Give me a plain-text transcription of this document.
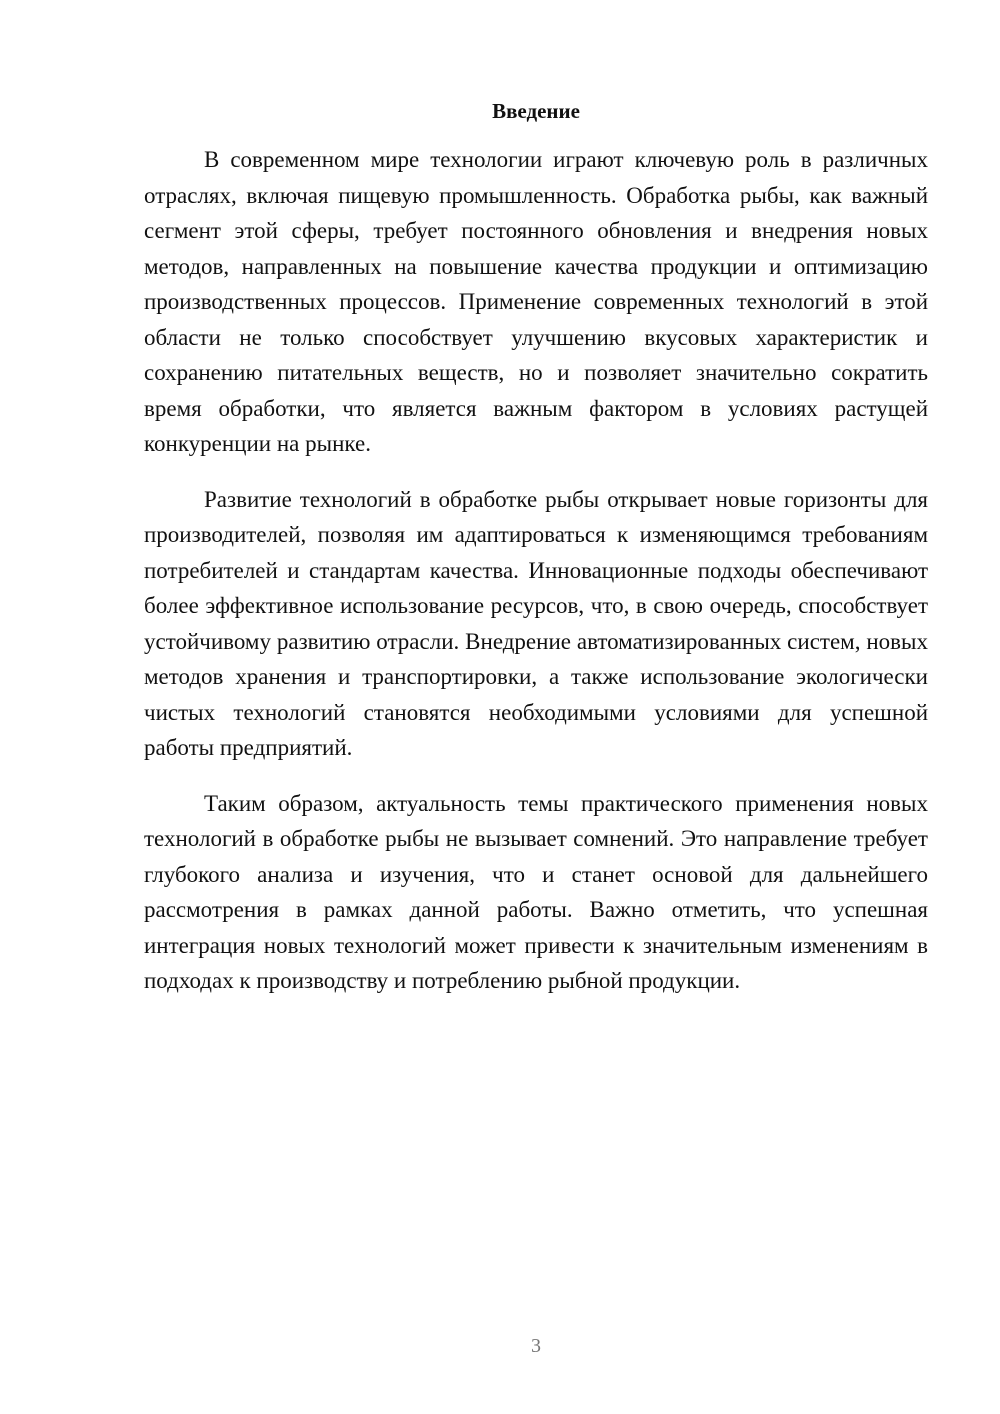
Введение

В современном мире технологии играют ключевую роль в различных отраслях, включая пищевую промышленность. Обработка рыбы, как важный сегмент этой сферы, требует постоянного обновления и внедрения новых методов, направленных на повышение качества продукции и оптимизацию производственных процессов. Применение современных технологий в этой области не только способствует улучшению вкусовых характеристик и сохранению питательных веществ, но и позволяет значительно сократить время обработки, что является важным фактором в условиях растущей конкуренции на рынке.

Развитие технологий в обработке рыбы открывает новые горизонты для производителей, позволяя им адаптироваться к изменяющимся требованиям потребителей и стандартам качества. Инновационные подходы обеспечивают более эффективное использование ресурсов, что, в свою очередь, способствует устойчивому развитию отрасли. Внедрение автоматизированных систем, новых методов хранения и транспортировки, а также использование экологически чистых технологий становятся необходимыми условиями для успешной работы предприятий.

Таким образом, актуальность темы практического применения новых технологий в обработке рыбы не вызывает сомнений. Это направление требует глубокого анализа и изучения, что и станет основой для дальнейшего рассмотрения в рамках данной работы. Важно отметить, что успешная интеграция новых технологий может привести к значительным изменениям в подходах к производству и потреблению рыбной продукции.

3
